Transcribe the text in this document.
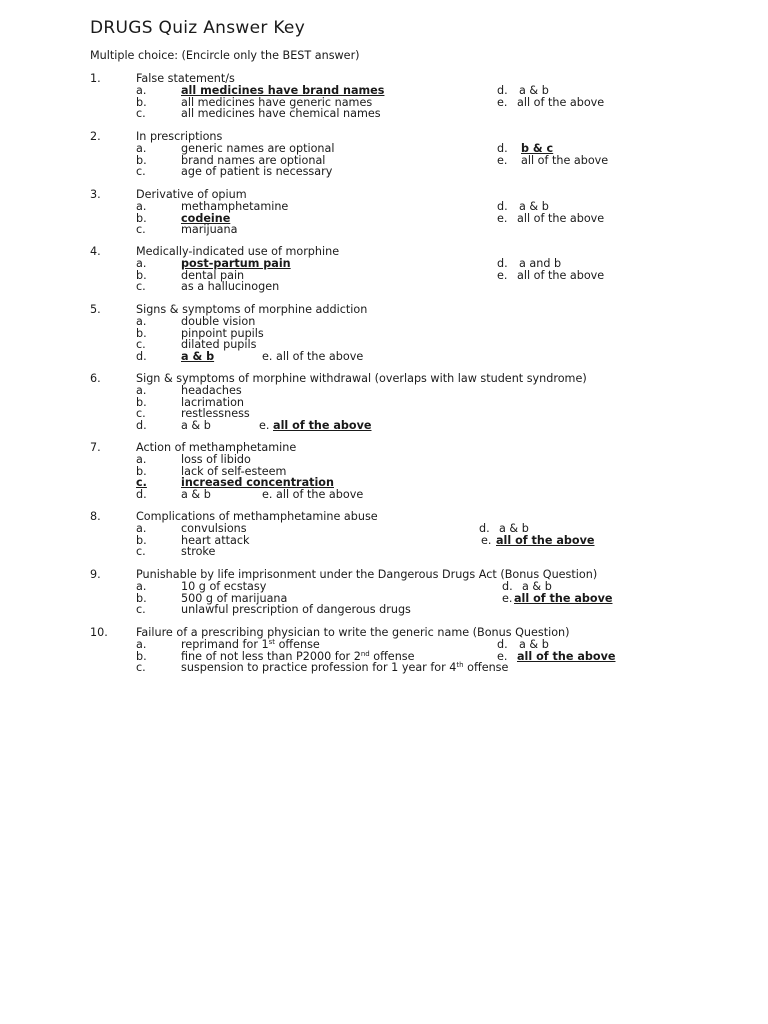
DRUGS Quiz Answer Key
Multiple choice: (Encircle only the BEST answer)
1.	False statement/s
a.	all medicines have brand names	d. a & b
b.	all medicines have generic names	e. all of the above
c.	all medicines have chemical names
2.	In prescriptions
a.	generic names are optional	d. b & c
b.	brand names are optional	e. all of the above
c.	age of patient is necessary
3.	Derivative of opium
a.	methamphetamine	d. a & b
b.	codeine	e. all of the above
c.	marijuana
4.	Medically-indicated use of morphine
a.	post-partum pain	d. a and b
b.	dental pain	e. all of the above
c.	as a hallucinogen
5.	Signs & symptoms of morphine addiction
a.	double vision
b.	pinpoint pupils
c.	dilated pupils
d.	a & b	e. all of the above
6.	Sign & symptoms of morphine withdrawal (overlaps with law student syndrome)
a.	headaches
b.	lacrimation
c.	restlessness
d.	a & b	e. all of the above
7.	Action of methamphetamine
a.	loss of libido
b.	lack of self-esteem
c.	increased concentration
d.	a & b	e. all of the above
8.	Complications of methamphetamine abuse
a.	convulsions	d. a & b
b.	heart attack	e. all of the above
c.	stroke
9.	Punishable by life imprisonment under the Dangerous Drugs Act (Bonus Question)
a.	10 g of ecstasy	d. a & b
b.	500 g of marijuana	e. all of the above
c.	unlawful prescription of dangerous drugs
10.	Failure of a prescribing physician to write the generic name (Bonus Question)
a.	reprimand for 1st offense	d. a & b
b.	fine of not less than P2000 for 2nd offense	e. all of the above
c.	suspension to practice profession for 1 year for 4th offense
